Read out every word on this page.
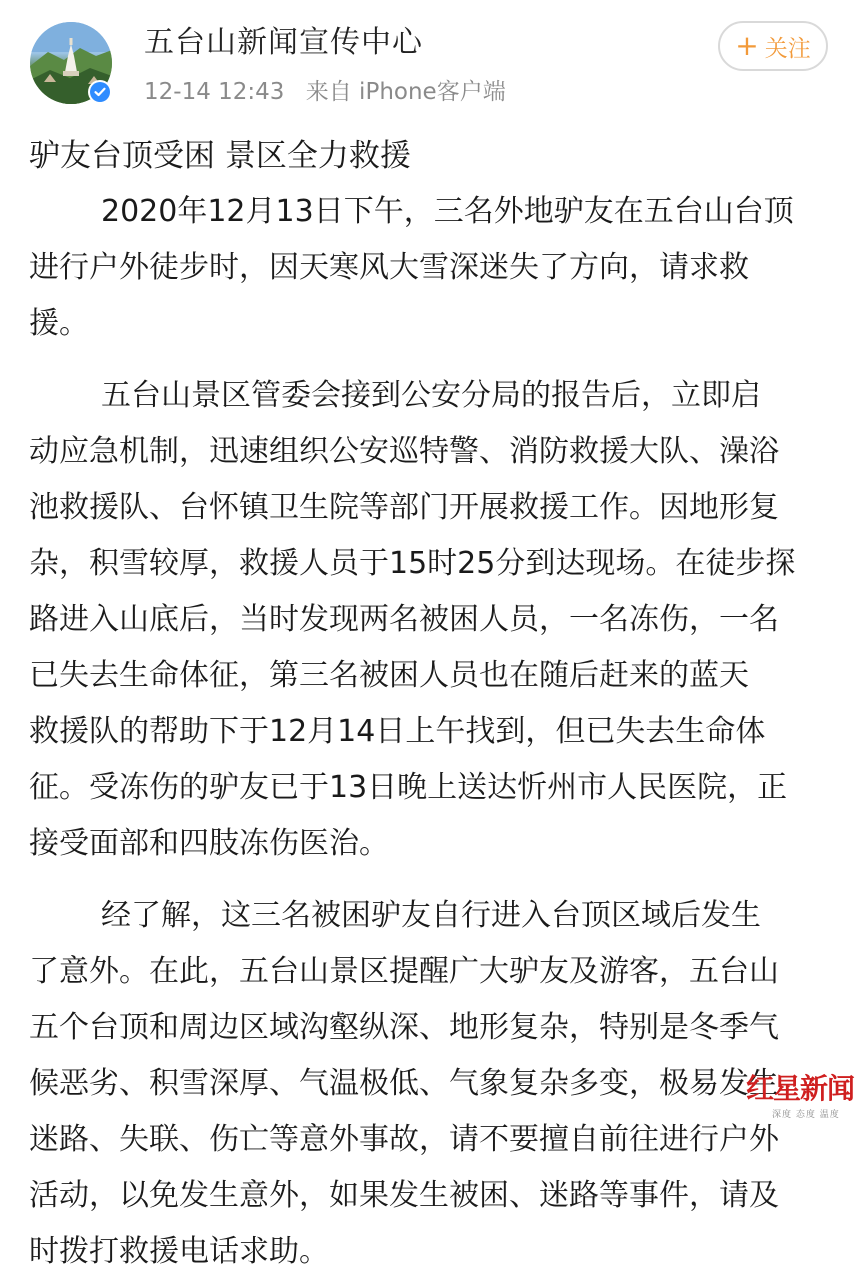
五台山新闻宣传中心
12-14 12:43 来自 iPhone客户端
+ 关注
驴友台顶受困 景区全力救援

2020年12月13日下午，三名外地驴友在五台山台顶
进行户外徒步时，因天寒风大雪深迷失了方向，请求救
援。

五台山景区管委会接到公安分局的报告后，立即启
动应急机制，迅速组织公安巡特警、消防救援大队、澡浴
池救援队、台怀镇卫生院等部门开展救援工作。因地形复
杂，积雪较厚，救援人员于15时25分到达现场。在徒步探
路进入山底后，当时发现两名被困人员，一名冻伤，一名
已失去生命体征，第三名被困人员也在随后赶来的蓝天
救援队的帮助下于12月14日上午找到，但已失去生命体
征。受冻伤的驴友已于13日晚上送达忻州市人民医院，正
接受面部和四肢冻伤医治。

经了解，这三名被困驴友自行进入台顶区域后发生
了意外。在此，五台山景区提醒广大驴友及游客，五台山
五个台顶和周边区域沟壑纵深、地形复杂，特别是冬季气
候恶劣、积雪深厚、气温极低、气象复杂多变，极易发生
迷路、失联、伤亡等意外事故，请不要擅自前往进行户外
活动，以免发生意外，如果发生被困、迷路等事件，请及
时拨打救援电话求助。

红星新闻
深度 态度 温度
